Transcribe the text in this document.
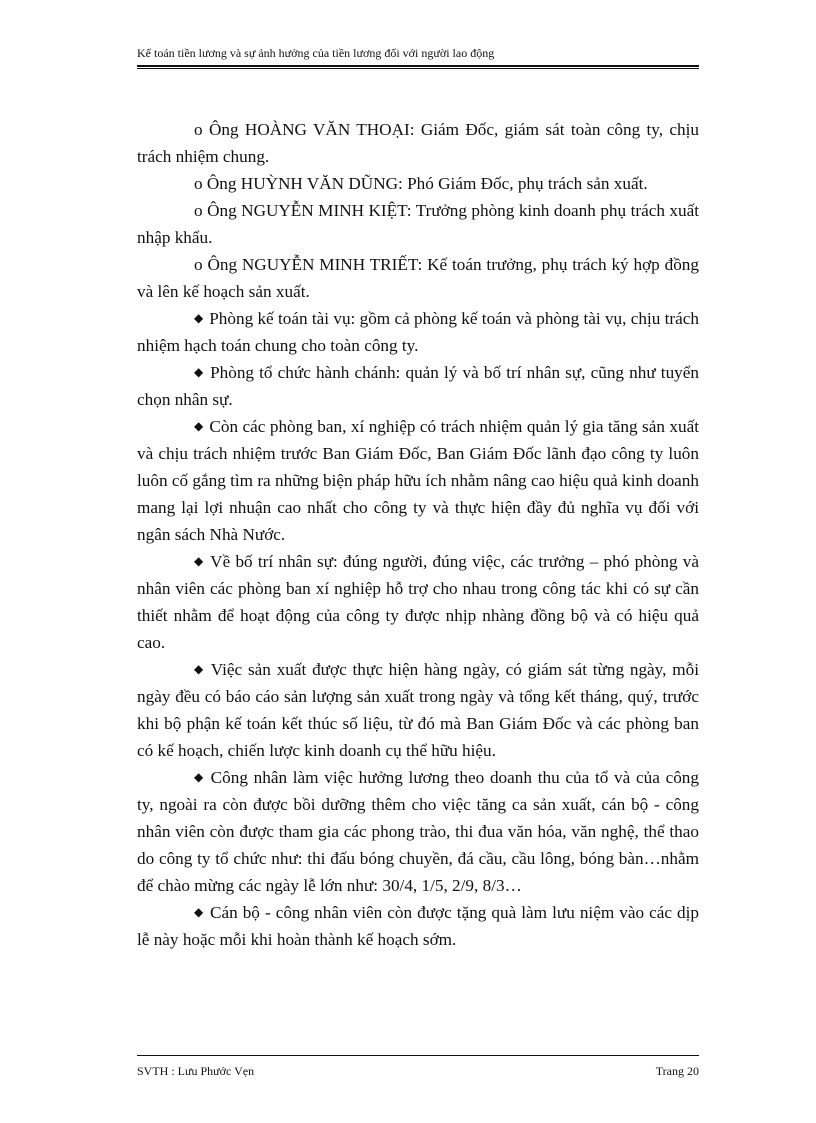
Kế toán tiền lương và sự ảnh hưởng của tiền lương đối với người lao động

o Ông HOÀNG VĂN THOẠI: Giám Đốc, giám sát toàn công ty, chịu trách nhiệm chung.

o Ông HUỲNH VĂN DŨNG: Phó Giám Đốc, phụ trách sản xuất.

o Ông NGUYỄN MINH KIỆT: Trưởng phòng kinh doanh phụ trách xuất nhập khẩu.

o Ông NGUYỄN MINH TRIẾT: Kế toán trưởng, phụ trách ký hợp đồng và lên kế hoạch sản xuất.

◆ Phòng kế toán tài vụ: gồm cả phòng kế toán và phòng tài vụ, chịu trách nhiệm hạch toán chung cho toàn công ty.

◆ Phòng tổ chức hành chánh: quản lý và bố trí nhân sự, cũng như tuyển chọn nhân sự.

◆ Còn các phòng ban, xí nghiệp có trách nhiệm quản lý gia tăng sản xuất và chịu trách nhiệm trước Ban Giám Đốc, Ban Giám Đốc lãnh đạo công ty luôn luôn cố gắng tìm ra những biện pháp hữu ích nhằm nâng cao hiệu quả kinh doanh mang lại lợi nhuận cao nhất cho công ty và thực hiện đầy đủ nghĩa vụ đối với ngân sách Nhà Nước.

◆ Về bố trí nhân sự: đúng người, đúng việc, các trưởng – phó phòng và nhân viên các phòng ban xí nghiệp hỗ trợ cho nhau trong công tác khi có sự cần thiết nhằm để hoạt động của công ty được nhịp nhàng đồng bộ và có hiệu quả cao.

◆ Việc sản xuất được thực hiện hàng ngày, có giám sát từng ngày, mỗi ngày đều có báo cáo sản lượng sản xuất trong ngày và tổng kết tháng, quý, trước khi bộ phận kế toán kết thúc số liệu, từ đó mà Ban Giám Đốc và các phòng ban có kế hoạch, chiến lược kinh doanh cụ thể hữu hiệu.

◆ Công nhân làm việc hưởng lương theo doanh thu của tổ và của công ty, ngoài ra còn được bồi dưỡng thêm cho việc tăng ca sản xuất, cán bộ - công nhân viên còn được tham gia các phong trào, thi đua văn hóa, văn nghệ, thể thao do công ty tổ chức như: thi đấu bóng chuyền, đá cầu, cầu lông, bóng bàn…nhằm để chào mừng các ngày lễ lớn như: 30/4, 1/5, 2/9, 8/3…

◆ Cán bộ - công nhân viên còn được tặng quà làm lưu niệm vào các dịp lễ này hoặc mỗi khi hoàn thành kế hoạch sớm.

SVTH : Lưu Phước Vẹn	Trang 20
